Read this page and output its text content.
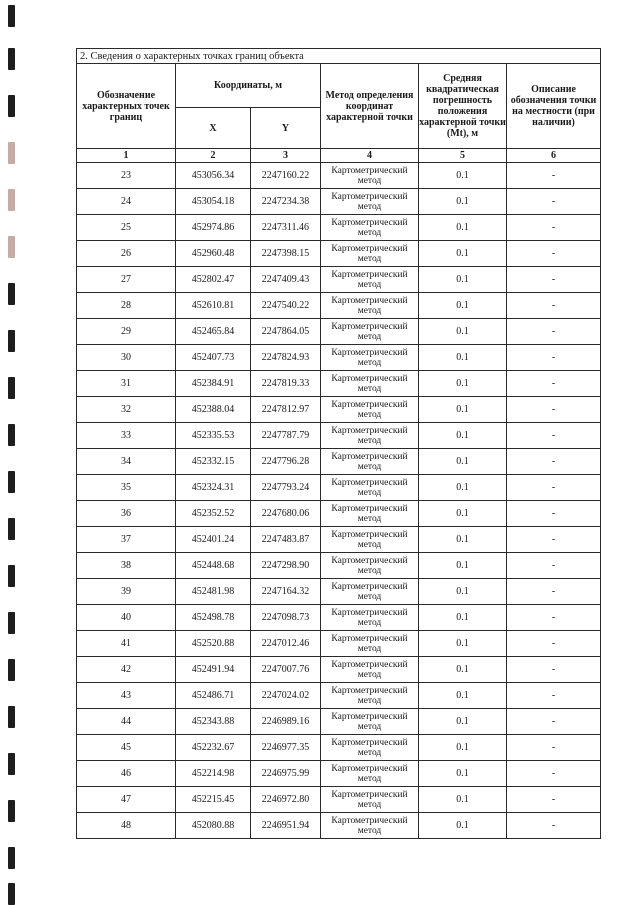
2. Сведения о характерных точках границ объекта					
Обозначение характерных точек границ	Координаты, м		Метод определения координат характерной точки	Средняя квадратическая погрешность положения характерной точки (Mt), м	Описание обозначения точки на местности (при наличии)
	X	Y			
1	2	3	4	5	6
23	453056.34	2247160.22	Картометрический метод	0.1	-
24	453054.18	2247234.38	Картометрический метод	0.1	-
25	452974.86	2247311.46	Картометрический метод	0.1	-
26	452960.48	2247398.15	Картометрический метод	0.1	-
27	452802.47	2247409.43	Картометрический метод	0.1	-
28	452610.81	2247540.22	Картометрический метод	0.1	-
29	452465.84	2247864.05	Картометрический метод	0.1	-
30	452407.73	2247824.93	Картометрический метод	0.1	-
31	452384.91	2247819.33	Картометрический метод	0.1	-
32	452388.04	2247812.97	Картометрический метод	0.1	-
33	452335.53	2247787.79	Картометрический метод	0.1	-
34	452332.15	2247796.28	Картометрический метод	0.1	-
35	452324.31	2247793.24	Картометрический метод	0.1	-
36	452352.52	2247680.06	Картометрический метод	0.1	-
37	452401.24	2247483.87	Картометрический метод	0.1	-
38	452448.68	2247298.90	Картометрический метод	0.1	-
39	452481.98	2247164.32	Картометрический метод	0.1	-
40	452498.78	2247098.73	Картометрический метод	0.1	-
41	452520.88	2247012.46	Картометрический метод	0.1	-
42	452491.94	2247007.76	Картометрический метод	0.1	-
43	452486.71	2247024.02	Картометрический метод	0.1	-
44	452343.88	2246989.16	Картометрический метод	0.1	-
45	452232.67	2246977.35	Картометрический метод	0.1	-
46	452214.98	2246975.99	Картометрический метод	0.1	-
47	452215.45	2246972.80	Картометрический метод	0.1	-
48	452080.88	2246951.94	Картометрический метод	0.1	-
